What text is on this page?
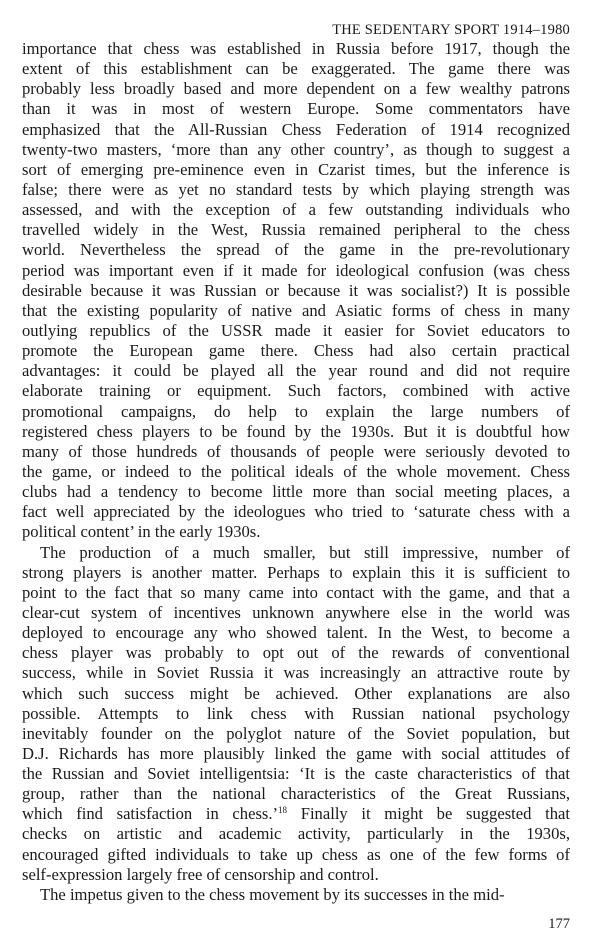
THE SEDENTARY SPORT 1914–1980
importance that chess was established in Russia before 1917, though the
extent of this establishment can be exaggerated. The game there was
probably less broadly based and more dependent on a few wealthy patrons
than it was in most of western Europe. Some commentators have
emphasized that the All-Russian Chess Federation of 1914 recognized
twenty-two masters, ‘more than any other country’, as though to suggest a
sort of emerging pre-eminence even in Czarist times, but the inference is
false; there were as yet no standard tests by which playing strength was
assessed, and with the exception of a few outstanding individuals who
travelled widely in the West, Russia remained peripheral to the chess
world. Nevertheless the spread of the game in the pre-revolutionary
period was important even if it made for ideological confusion (was chess
desirable because it was Russian or because it was socialist?) It is possible
that the existing popularity of native and Asiatic forms of chess in many
outlying republics of the USSR made it easier for Soviet educators to
promote the European game there. Chess had also certain practical
advantages: it could be played all the year round and did not require
elaborate training or equipment. Such factors, combined with active
promotional campaigns, do help to explain the large numbers of
registered chess players to be found by the 1930s. But it is doubtful how
many of those hundreds of thousands of people were seriously devoted to
the game, or indeed to the political ideals of the whole movement. Chess
clubs had a tendency to become little more than social meeting places, a
fact well appreciated by the ideologues who tried to ‘saturate chess with a
political content’ in the early 1930s.
The production of a much smaller, but still impressive, number of
strong players is another matter. Perhaps to explain this it is sufficient to
point to the fact that so many came into contact with the game, and that a
clear-cut system of incentives unknown anywhere else in the world was
deployed to encourage any who showed talent. In the West, to become a
chess player was probably to opt out of the rewards of conventional
success, while in Soviet Russia it was increasingly an attractive route by
which such success might be achieved. Other explanations are also
possible. Attempts to link chess with Russian national psychology
inevitably founder on the polyglot nature of the Soviet population, but
D.J. Richards has more plausibly linked the game with social attitudes of
the Russian and Soviet intelligentsia: ‘It is the caste characteristics of that
group, rather than the national characteristics of the Great Russians,
which find satisfaction in chess.’$^{18}$ Finally it might be suggested that
checks on artistic and academic activity, particularly in the 1930s,
encouraged gifted individuals to take up chess as one of the few forms of
self-expression largely free of censorship and control.
The impetus given to the chess movement by its successes in the mid-
177
